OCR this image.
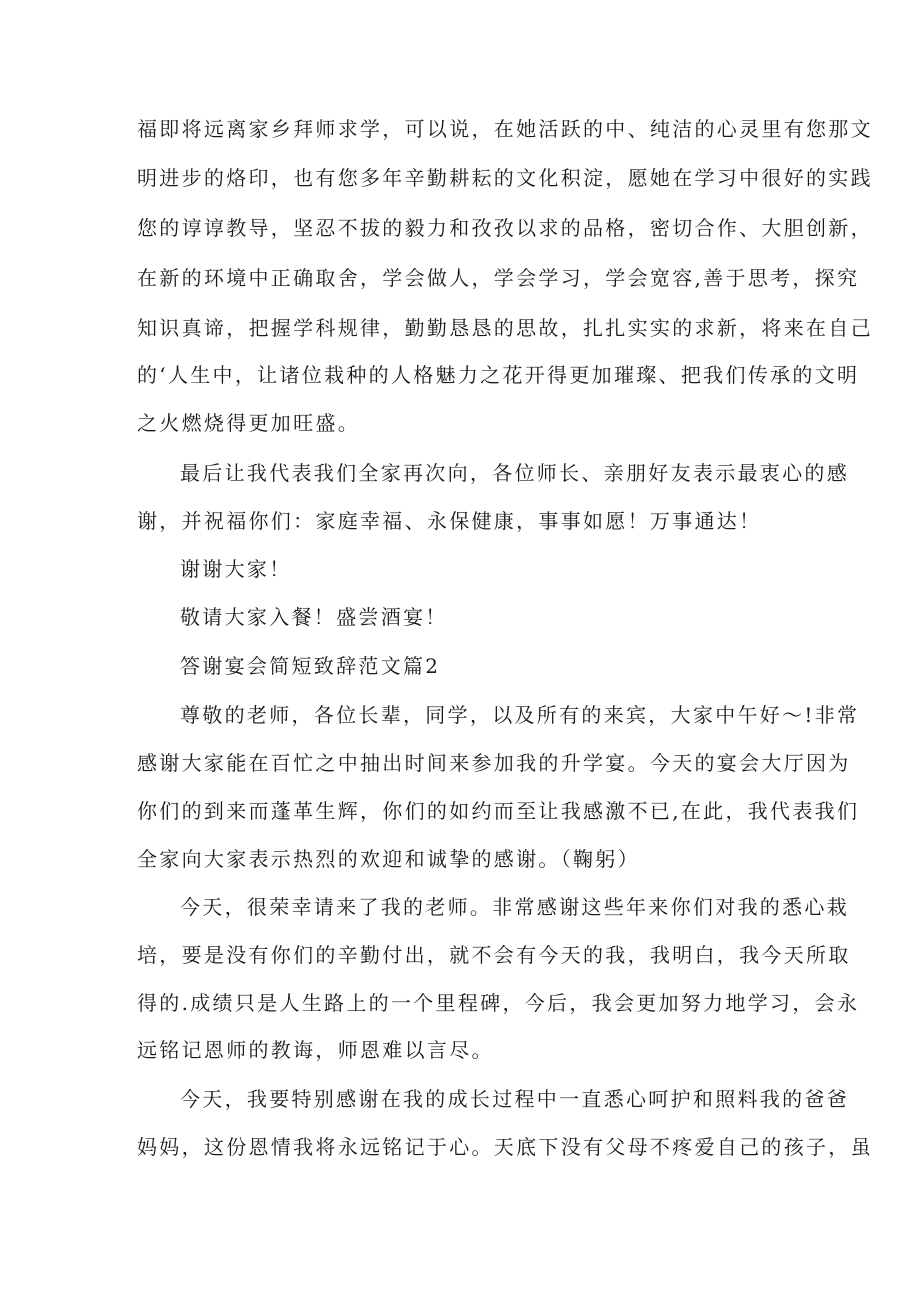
福即将远离家乡拜师求学，可以说，在她活跃的中、纯洁的心灵里有您那文
明进步的烙印，也有您多年辛勤耕耘的文化积淀，愿她在学习中很好的实践
您的谆谆教导，坚忍不拔的毅力和孜孜以求的品格，密切合作、大胆创新，
在新的环境中正确取舍，学会做人，学会学习，学会宽容,善于思考，探究
知识真谛，把握学科规律，勤勤恳恳的思故，扎扎实实的求新，将来在自己
的‘人生中，让诸位栽种的人格魅力之花开得更加璀璨、把我们传承的文明
之火燃烧得更加旺盛。
最后让我代表我们全家再次向，各位师长、亲朋好友表示最衷心的感
谢，并祝福你们：家庭幸福、永保健康，事事如愿！万事通达！
谢谢大家！
敬请大家入餐！盛尝酒宴！
答谢宴会简短致辞范文篇2
尊敬的老师，各位长辈，同学，以及所有的来宾，大家中午好～!非常
感谢大家能在百忙之中抽出时间来参加我的升学宴。今天的宴会大厅因为
你们的到来而蓬革生辉，你们的如约而至让我感激不已,在此，我代表我们
全家向大家表示热烈的欢迎和诚挚的感谢。（鞠躬）
今天，很荣幸请来了我的老师。非常感谢这些年来你们对我的悉心栽
培，要是没有你们的辛勤付出，就不会有今天的我，我明白，我今天所取
得的.成绩只是人生路上的一个里程碑，今后，我会更加努力地学习，会永
远铭记恩师的教诲，师恩难以言尽。
今天，我要特别感谢在我的成长过程中一直悉心呵护和照料我的爸爸
妈妈，这份恩情我将永远铭记于心。天底下没有父母不疼爱自己的孩子，虽
